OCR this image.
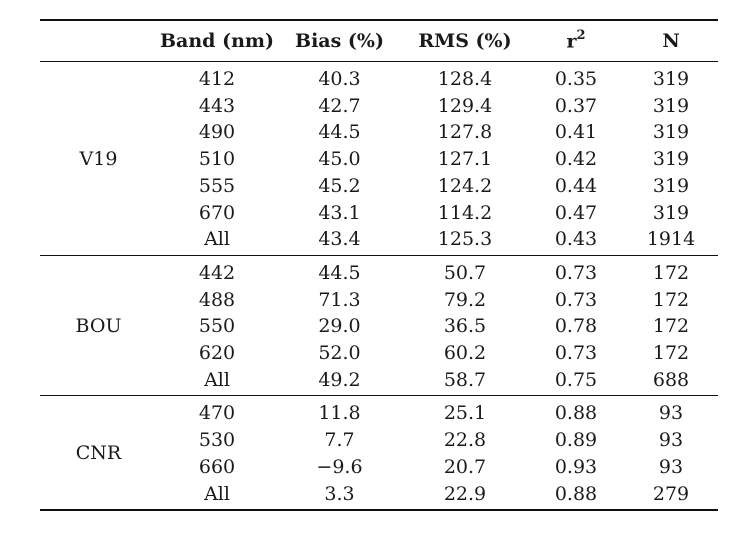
	Band (nm)	Bias (%)	RMS (%)	$r^2$	N

V19	412	40.3	128.4	0.35	319
	443	42.7	129.4	0.37	319
	490	44.5	127.8	0.41	319
	510	45.0	127.1	0.42	319
	555	45.2	124.2	0.44	319
	670	43.1	114.2	0.47	319
	All	43.4	125.3	0.43	1914

BOU	442	44.5	50.7	0.73	172
	488	71.3	79.2	0.73	172
	550	29.0	36.5	0.78	172
	620	52.0	60.2	0.73	172
	All	49.2	58.7	0.75	688

CNR	470	11.8	25.1	0.88	93
	530	7.7	22.8	0.89	93
	660	−9.6	20.7	0.93	93
	All	3.3	22.9	0.88	279
